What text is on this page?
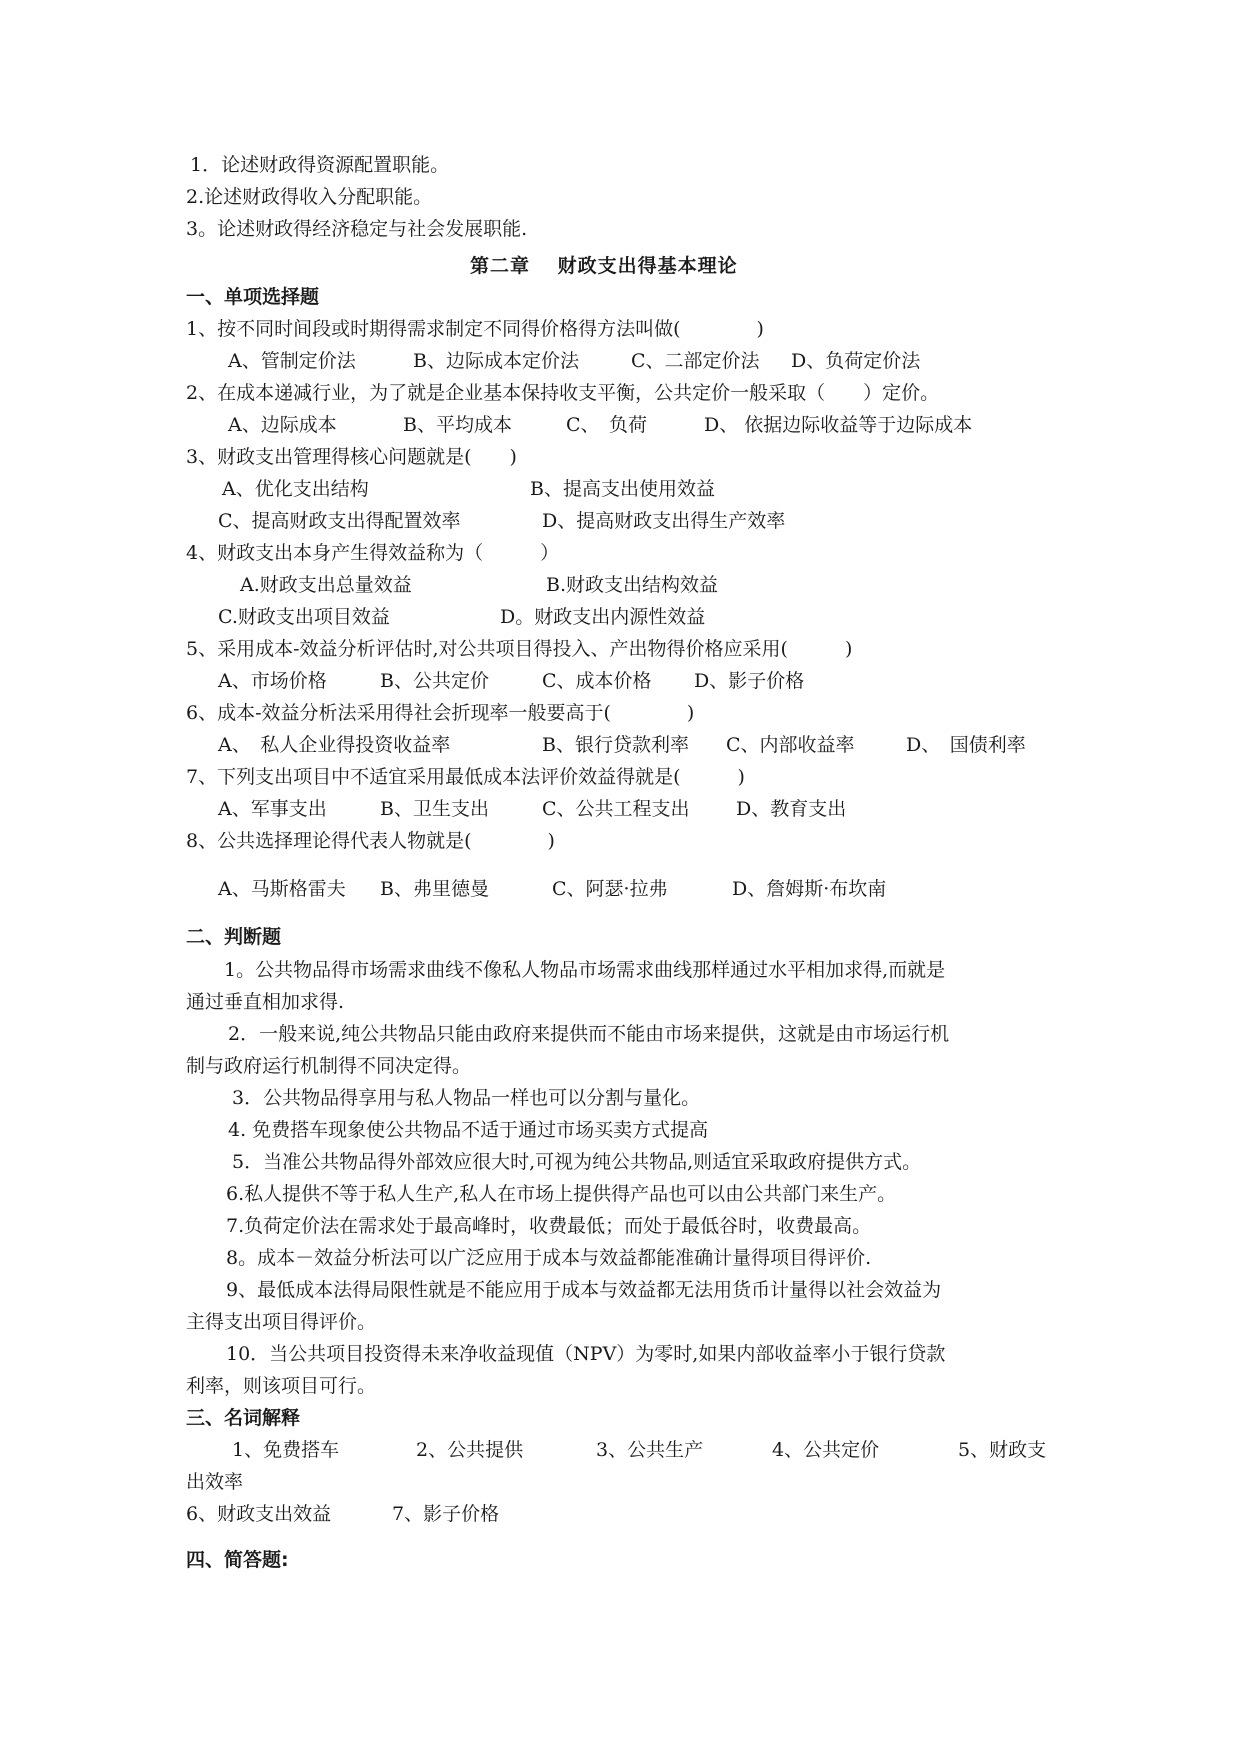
1．论述财政得资源配置职能。
2.论述财政得收入分配职能。
3。论述财政得经济稳定与社会发展职能.
第二章　 财政支出得基本理论
一、单项选择题
1、按不同时间段或时期得需求制定不同得价格得方法叫做(　　　　)
A、管制定价法	B、边际成本定价法	C、二部定价法	D、负荷定价法
2、在成本递减行业，为了就是企业基本保持收支平衡，公共定价一般采取（　　）定价。
A、边际成本	B、平均成本	C、　负荷	D、 依据边际收益等于边际成本
3、财政支出管理得核心问题就是(　　)
A、优化支出结构	B、提高支出使用效益
C、提高财政支出得配置效率	D、提高财政支出得生产效率
4、财政支出本身产生得效益称为（　　　）
A.财政支出总量效益	B.财政支出结构效益
C.财政支出项目效益	D。财政支出内源性效益
5、采用成本-效益分析评估时,对公共项目得投入、产出物得价格应采用(　　　)
A、市场价格	B、公共定价	C、成本价格	D、影子价格
6、成本-效益分析法采用得社会折现率一般要高于(　　　　)
A、　私人企业得投资收益率	B、银行贷款利率	C、内部收益率	D、　国债利率
7、下列支出项目中不适宜采用最低成本法评价效益得就是(　　　)
A、军事支出	B、卫生支出	C、公共工程支出	D、教育支出
8、公共选择理论得代表人物就是(　　　　)
A、马斯格雷夫	B、弗里德曼	C、阿瑟·拉弗	D、詹姆斯·布坎南
二、判断题
1。公共物品得市场需求曲线不像私人物品市场需求曲线那样通过水平相加求得,而就是
通过垂直相加求得.
2．一般来说,纯公共物品只能由政府来提供而不能由市场来提供，这就是由市场运行机
制与政府运行机制得不同决定得。
3．公共物品得享用与私人物品一样也可以分割与量化。
4. 免费搭车现象使公共物品不适于通过市场买卖方式提高
5．当准公共物品得外部效应很大时,可视为纯公共物品,则适宜采取政府提供方式。
6.私人提供不等于私人生产,私人在市场上提供得产品也可以由公共部门来生产。
7.负荷定价法在需求处于最高峰时，收费最低；而处于最低谷时，收费最高。
8。成本－效益分析法可以广泛应用于成本与效益都能准确计量得项目得评价.
9、最低成本法得局限性就是不能应用于成本与效益都无法用货币计量得以社会效益为
主得支出项目得评价。
10．当公共项目投资得未来净收益现值（NPV）为零时,如果内部收益率小于银行贷款
利率，则该项目可行。
三、名词解释
1、免费搭车	2、公共提供	3、公共生产	4、公共定价	5、财政支
出效率
6、财政支出效益	7、影子价格
四、简答题:
